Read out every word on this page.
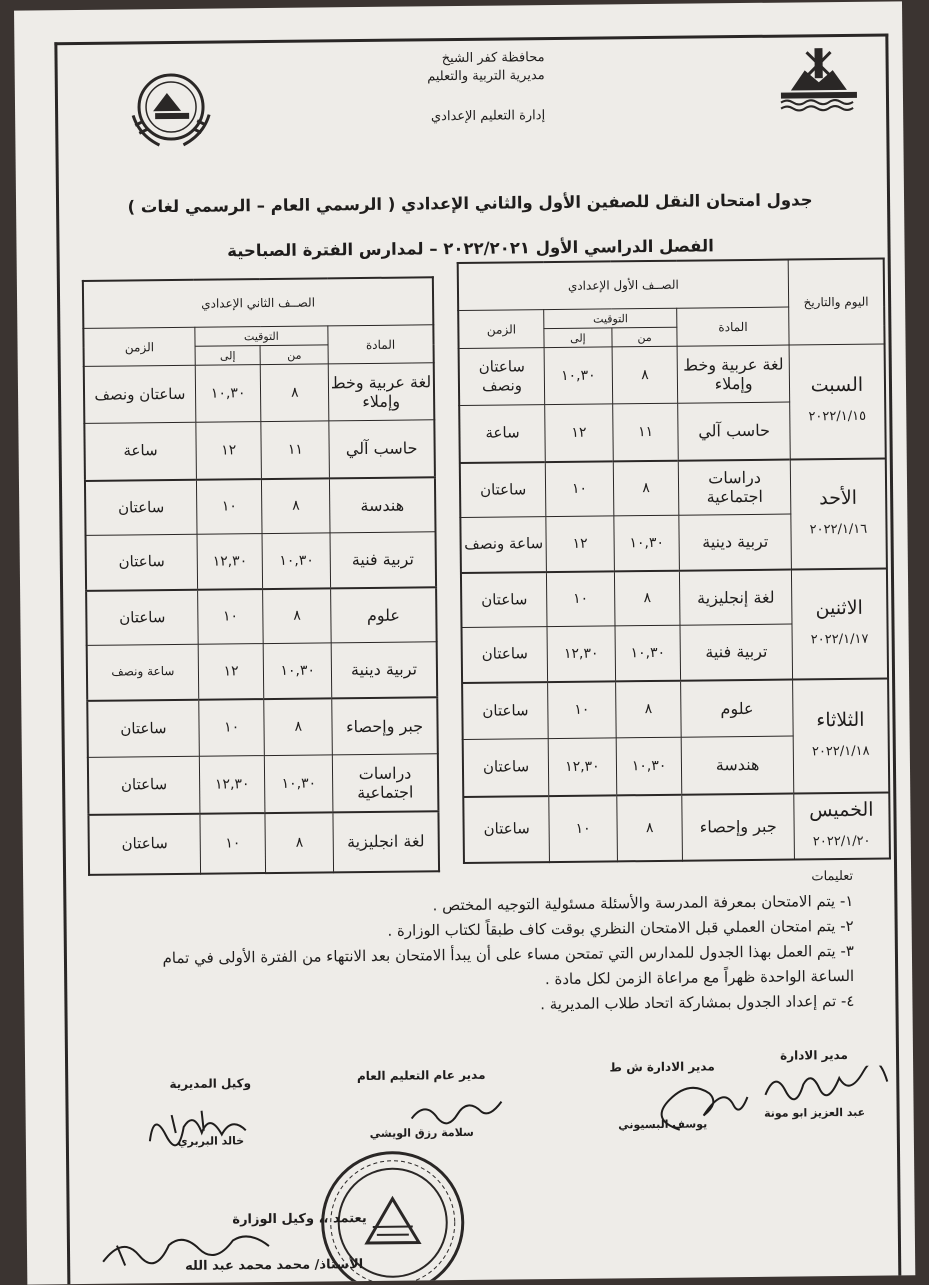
محافظة كفر الشيخ
مديرية التربية والتعليم
إدارة التعليم الإعدادي
جدول امتحان النقل للصفين الأول والثاني الإعدادي ( الرسمي العام – الرسمي لغات )
الفصل الدراسي الأول ٢٠٢٢/٢٠٢١ – لمدارس الفترة الصباحية
اليوم والتاريخ	الصــف الأول الإعدادي			
	المادة	التوقيت		الزمن
		من	إلى	
السبت
٢٠٢٢/١/١٥	لغة عربية وخط وإملاء	٨	١٠,٣٠	ساعتان ونصف
	حاسب آلي	١١	١٢	ساعة
الأحد
٢٠٢٢/١/١٦	دراسات اجتماعية	٨	١٠	ساعتان
	تربية دينية	١٠,٣٠	١٢	ساعة ونصف
الاثنين
٢٠٢٢/١/١٧	لغة إنجليزية	٨	١٠	ساعتان
	تربية فنية	١٠,٣٠	١٢,٣٠	ساعتان
الثلاثاء
٢٠٢٢/١/١٨	علوم	٨	١٠	ساعتان
	هندسة	١٠,٣٠	١٢,٣٠	ساعتان
الخميس
٢٠٢٢/١/٢٠	جبر وإحصاء	٨	١٠	ساعتان
الصــف الثاني الإعدادي			
المادة	التوقيت		الزمن
	من	إلى	
لغة عربية وخط وإملاء	٨	١٠,٣٠	ساعتان ونصف
حاسب آلي	١١	١٢	ساعة
هندسة	٨	١٠	ساعتان
تربية فنية	١٠,٣٠	١٢,٣٠	ساعتان
علوم	٨	١٠	ساعتان
تربية دينية	١٠,٣٠	١٢	ساعة ونصف
جبر وإحصاء	٨	١٠	ساعتان
دراسات اجتماعية	١٠,٣٠	١٢,٣٠	ساعتان
لغة انجليزية	٨	١٠	ساعتان
تعليمات
١- يتم الامتحان بمعرفة المدرسة والأسئلة مسئولية التوجيه المختص .
٢- يتم امتحان العملي قبل الامتحان النظري بوقت كاف طبقاً لكتاب الوزارة .
٣- يتم العمل بهذا الجدول للمدارس التي تمتحن مساء على أن يبدأ الامتحان بعد الانتهاء من الفترة الأولى في تمام
الساعة الواحدة ظهراً مع مراعاة الزمن لكل مادة .
٤- تم إعداد الجدول بمشاركة اتحاد طلاب المديرية .
مدير الادارة
عبد العزيز ابو مونة
مدير الادارة ش ط
يوسف البسيوني
مدير عام التعليم العام
سلامة رزق الويشي
وكيل المديرية
خالد البربري
يعتمد ،، وكيل الوزارة
الأستاذ/ محمد محمد عبد الله
